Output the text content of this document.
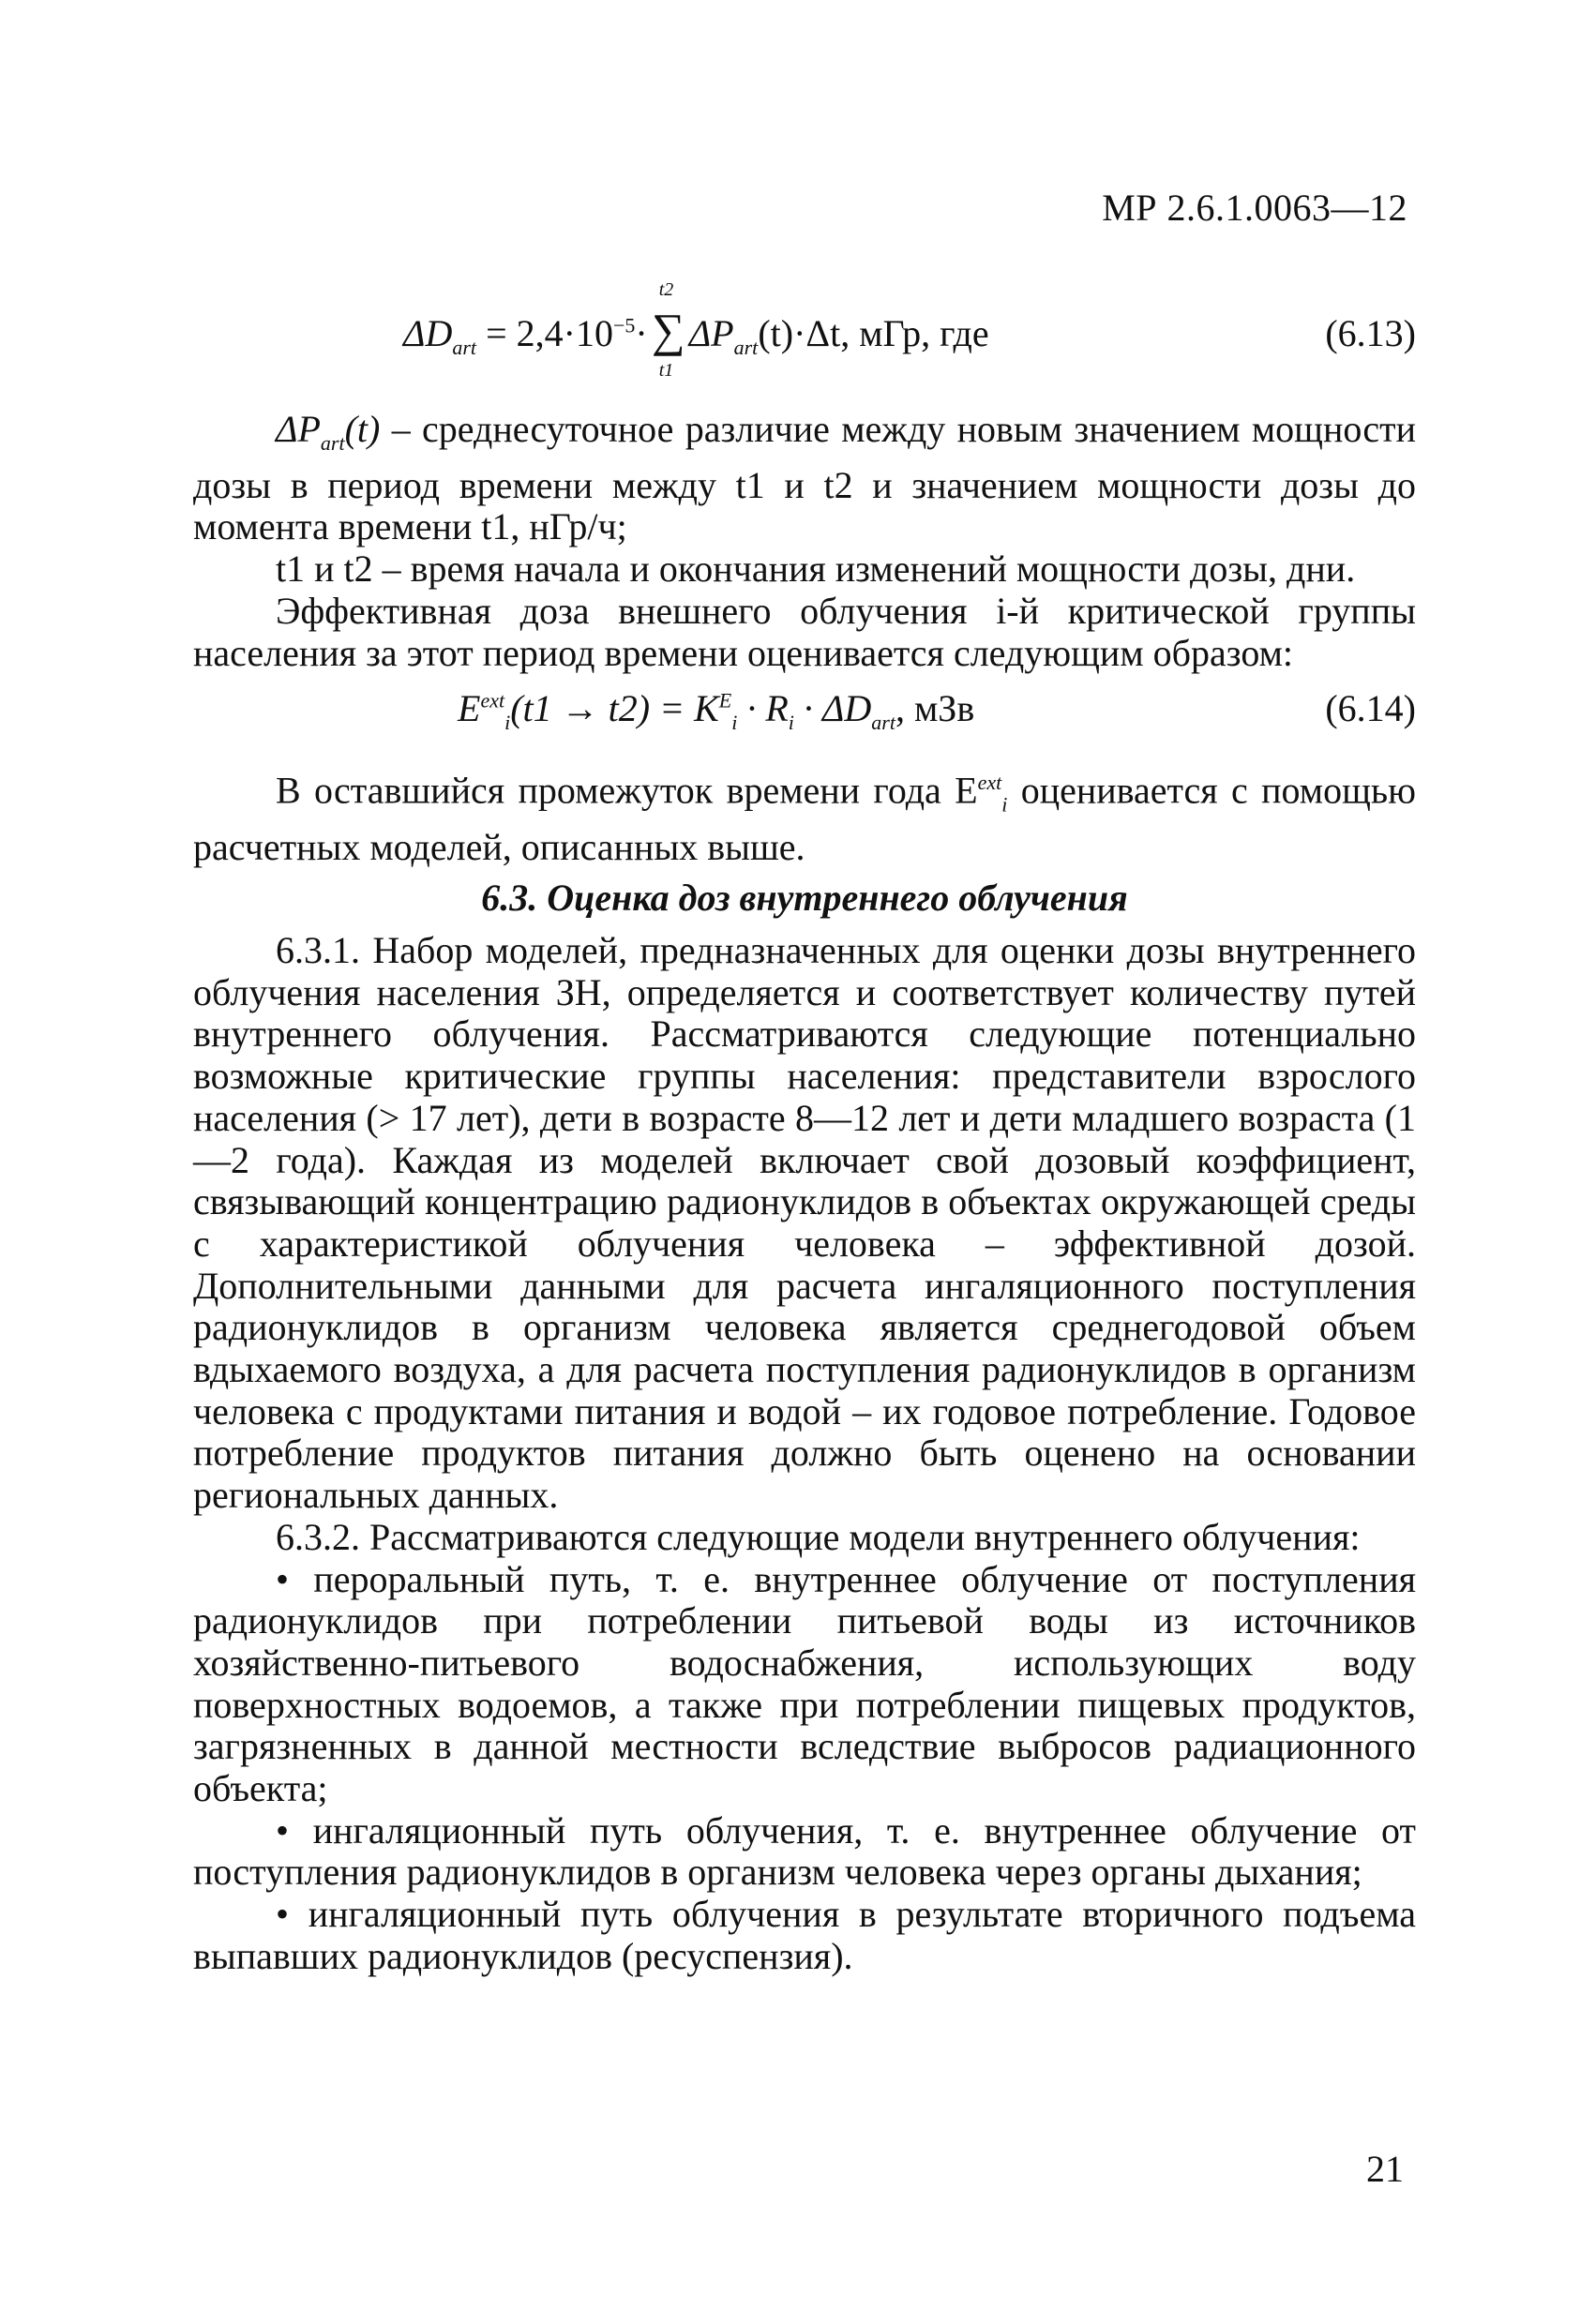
МР 2.6.1.0063—12
$\Delta D_{art} = 2,4\cdot 10^{-5}\cdot$
t2
∑
t1
$\Delta P_{art}(t)\cdot\Delta t$, мГр, где	(6.13)

$\Delta P_{art}(t)$ – среднесуточное различие между новым значением мощности дозы в период времени между t1 и t2 и значением мощности дозы до момента времени t1, нГр/ч;

t1 и t2 – время начала и окончания изменений мощности дозы, дни.

Эффективная доза внешнего облучения i-й критической группы населения за этот период времени оценивается следующим образом:

$E^{ext}_i(t1 \to t2) = K^E_i \cdot R_i \cdot \Delta D_{art}$, мЗв	(6.14)

В оставшийся промежуток времени года $E^{ext}_i$ оценивается с помощью расчетных моделей, описанных выше.

6.3. Оценка доз внутреннего облучения

6.3.1. Набор моделей, предназначенных для оценки дозы внутреннего облучения населения ЗН, определяется и соответствует количеству путей внутреннего облучения. Рассматриваются следующие потенциально возможные критические группы населения: представители взрослого населения (> 17 лет), дети в возрасте 8—12 лет и дети младшего возраста (1—2 года). Каждая из моделей включает свой дозовый коэффициент, связывающий концентрацию радионуклидов в объектах окружающей среды с характеристикой облучения человека – эффективной дозой. Дополнительными данными для расчета ингаляционного поступления радионуклидов в организм человека является среднегодовой объем вдыхаемого воздуха, а для расчета поступления радионуклидов в организм человека с продуктами питания и водой – их годовое потребление. Годовое потребление продуктов питания должно быть оценено на основании региональных данных.

6.3.2. Рассматриваются следующие модели внутреннего облучения:

• пероральный путь, т. е. внутреннее облучение от поступления радионуклидов при потреблении питьевой воды из источников хозяйственно-питьевого водоснабжения, использующих воду поверхностных водоемов, а также при потреблении пищевых продуктов, загрязненных в данной местности вследствие выбросов радиационного объекта;

• ингаляционный путь облучения, т. е. внутреннее облучение от поступления радионуклидов в организм человека через органы дыхания;

• ингаляционный путь облучения в результате вторичного подъема выпавших радионуклидов (ресуспензия).

21
